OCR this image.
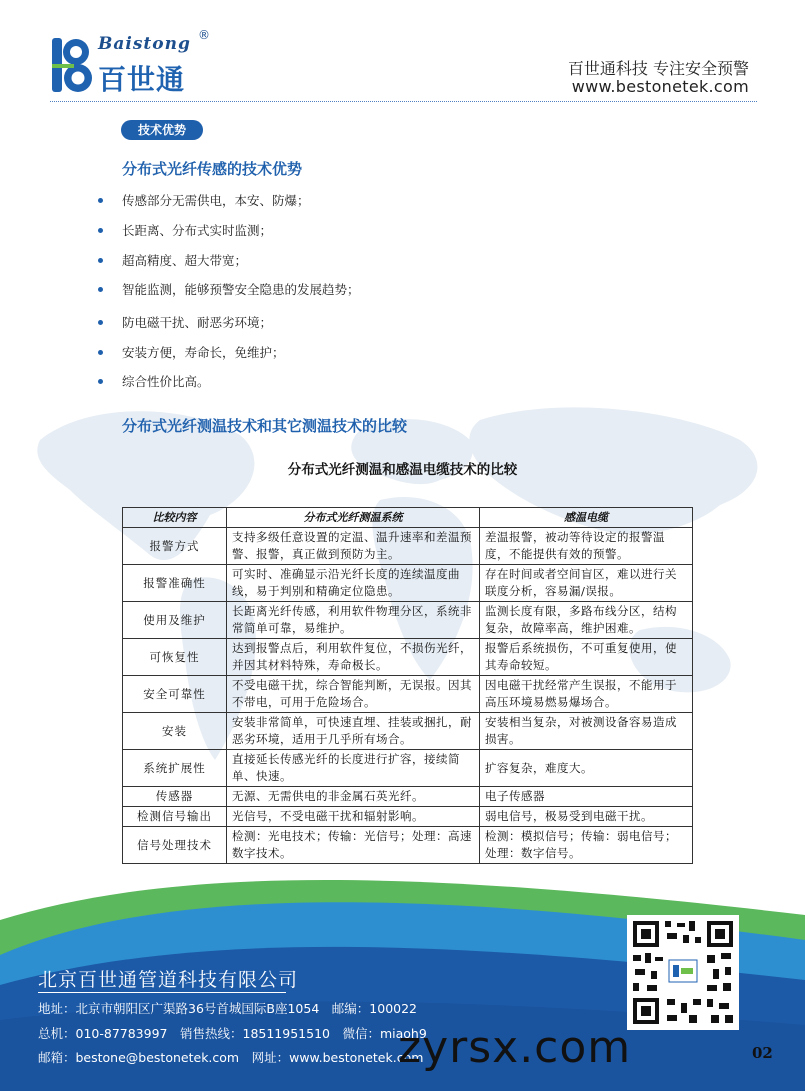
Baistong ®
百世通	百世通科技 专注安全预警
www.bestonetek.com
技术优势
分布式光纤传感的技术优势
传感部分无需供电，本安、防爆；
长距离、分布式实时监测；
超高精度、超大带宽；
智能监测，能够预警安全隐患的发展趋势；
防电磁干扰、耐恶劣环境；
安装方便，寿命长，免维护；
综合性价比高。
分布式光纤测温技术和其它测温技术的比较
分布式光纤测温和感温电缆技术的比较
比较内容	分布式光纤测温系统	感温电缆
报警方式	支持多级任意设置的定温、温升速率和差温预警、报警，真正做到预防为主。	差温报警，被动等待设定的报警温度，不能提供有效的预警。
报警准确性	可实时、准确显示沿光纤长度的连续温度曲线，易于判别和精确定位隐患。	存在时间或者空间盲区，难以进行关联度分析，容易漏/误报。
使用及维护	长距离光纤传感，利用软件物理分区，系统非常简单可靠，易维护。	监测长度有限，多路布线分区，结构复杂，故障率高，维护困难。
可恢复性	达到报警点后，利用软件复位，不损伤光纤，并因其材料特殊，寿命极长。	报警后系统损伤，不可重复使用，使其寿命较短。
安全可靠性	不受电磁干扰，综合智能判断，无误报。因其不带电，可用于危险场合。	因电磁干扰经常产生误报，不能用于高压环境易燃易爆场合。
安装	安装非常简单，可快速直埋、挂装或捆扎，耐恶劣环境，适用于几乎所有场合。	安装相当复杂，对被测设备容易造成损害。
系统扩展性	直接延长传感光纤的长度进行扩容，接续简单、快速。	扩容复杂，难度大。
传感器	无源、无需供电的非金属石英光纤。	电子传感器
检测信号输出	光信号，不受电磁干扰和辐射影响。	弱电信号，极易受到电磁干扰。
信号处理技术	检测：光电技术；传输：光信号；处理：高速数字技术。	检测：模拟信号；传输：弱电信号；处理：数字信号。
北京百世通管道科技有限公司
地址：北京市朝阳区广渠路36号首城国际B座1054　邮编：100022
总机：010-87783997　销售热线：18511951510　微信：miaoh9
邮箱：bestone@bestonetek.com　网址：www.bestonetek.com
zyrsx.com	02
